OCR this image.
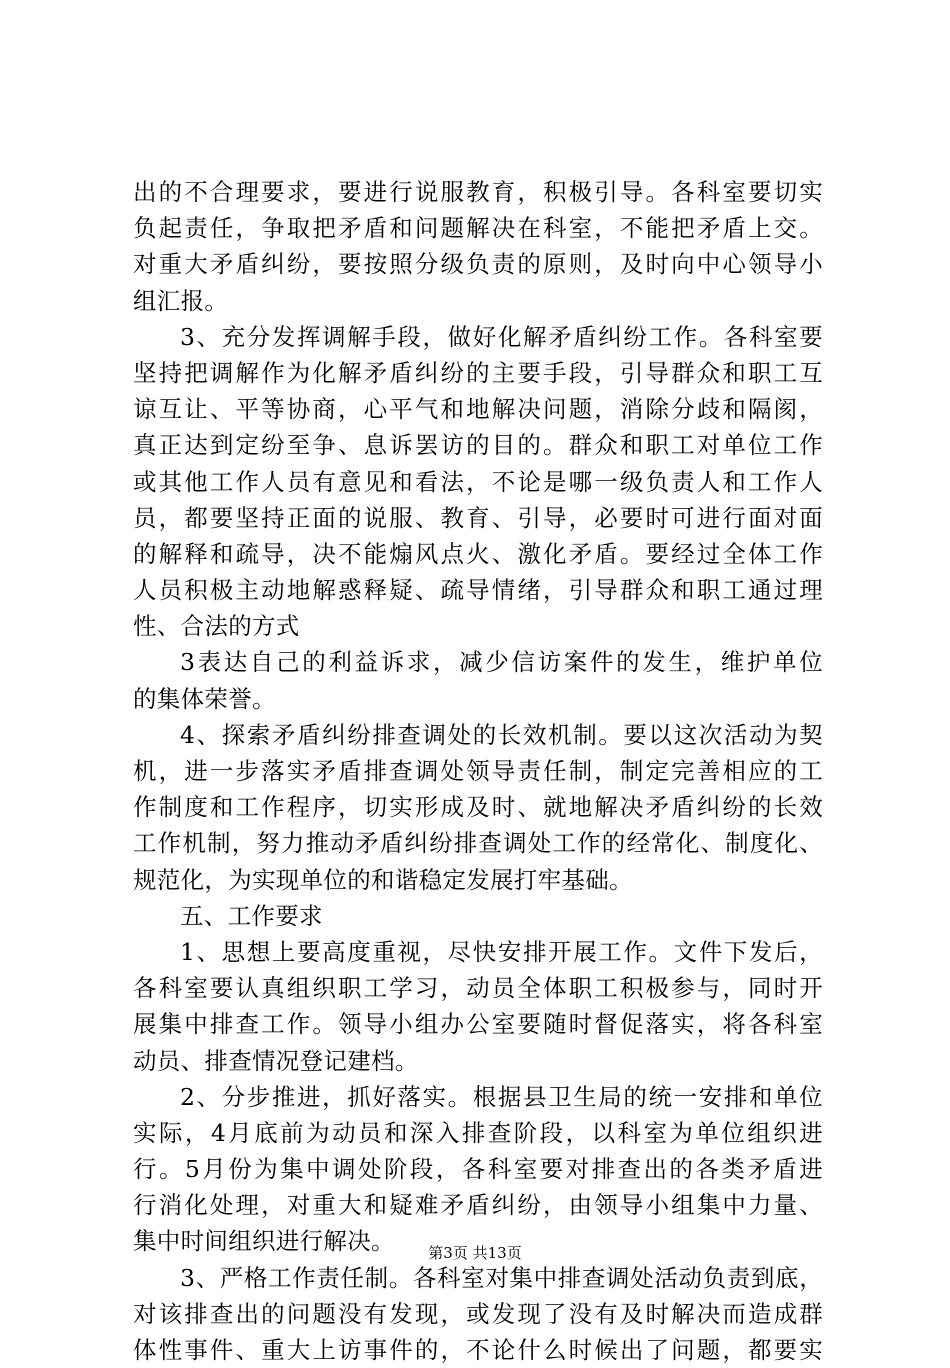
出的不合理要求，要进行说服教育，积极引导。各科室要切实
负起责任，争取把矛盾和问题解决在科室，不能把矛盾上交。
对重大矛盾纠纷，要按照分级负责的原则，及时向中心领导小
组汇报。
3、充分发挥调解手段，做好化解矛盾纠纷工作。各科室要
坚持把调解作为化解矛盾纠纷的主要手段，引导群众和职工互
谅互让、平等协商，心平气和地解决问题，消除分歧和隔阂，
真正达到定纷至争、息诉罢访的目的。群众和职工对单位工作
或其他工作人员有意见和看法，不论是哪一级负责人和工作人
员，都要坚持正面的说服、教育、引导，必要时可进行面对面
的解释和疏导，决不能煽风点火、激化矛盾。要经过全体工作
人员积极主动地解惑释疑、疏导情绪，引导群众和职工通过理
性、合法的方式
3表达自己的利益诉求，减少信访案件的发生，维护单位
的集体荣誉。
4、探索矛盾纠纷排查调处的长效机制。要以这次活动为契
机，进一步落实矛盾排查调处领导责任制，制定完善相应的工
作制度和工作程序，切实形成及时、就地解决矛盾纠纷的长效
工作机制，努力推动矛盾纠纷排查调处工作的经常化、制度化、
规范化，为实现单位的和谐稳定发展打牢基础。
五、工作要求
1、思想上要高度重视，尽快安排开展工作。文件下发后，
各科室要认真组织职工学习，动员全体职工积极参与，同时开
展集中排查工作。领导小组办公室要随时督促落实，将各科室
动员、排查情况登记建档。
2、分步推进，抓好落实。根据县卫生局的统一安排和单位
实际，4月底前为动员和深入排查阶段，以科室为单位组织进
行。5月份为集中调处阶段，各科室要对排查出的各类矛盾进
行消化处理，对重大和疑难矛盾纠纷，由领导小组集中力量、
集中时间组织进行解决。
3、严格工作责任制。各科室对集中排查调处活动负责到底，
对该排查出的问题没有发现，或发现了没有及时解决而造成群
体性事件、重大上访事件的，不论什么时候出了问题，都要实
第3页 共13页
